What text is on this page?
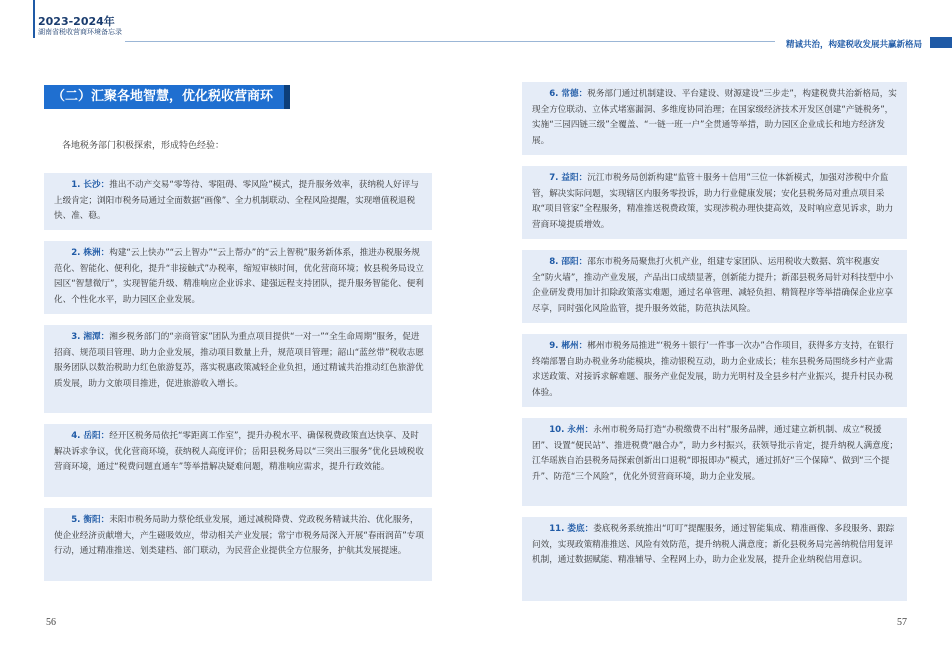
2023-2024年
湖南省税收营商环境备忘录
精诚共治，构建税收发展共赢新格局
（二）汇聚各地智慧，优化税收营商环境
各地税务部门积极探索，形成特色经验：
1. 长沙：推出不动产交易“零等待、零阻碍、零风险”模式，提升服务效率，获纳税人好评与上级肯定；浏阳市税务局通过全面数据“画像”、全力机制联动、全程风险提醒，实现增值税退税快、准、稳。
2. 株洲：构建“云上快办”“云上智办”“云上帮办”的“云上智税”服务新体系，推进办税服务规范化、智能化、便利化，提升“非接触式”办税率，缩短审核时间，优化营商环境；攸县税务局设立园区“智慧微厅”，实现智能升级、精准响应企业诉求、建强远程支持团队，提升服务智能化、便利化、个性化水平，助力园区企业发展。
3. 湘潭：湘乡税务部门的“亲商管家”团队为重点项目提供“一对一”“全生命周期”服务，促进招商、规范项目管理、助力企业发展，推动项目数量上升，规范项目管理；韶山“蓝丝带”税收志愿服务团队以数治税助力红色旅游复苏，落实税惠政策减轻企业负担，通过精诚共治推动红色旅游优质发展，助力文旅项目推进，促进旅游收入增长。
4. 岳阳：经开区税务局依托“零距离工作室”，提升办税水平、确保税费政策直达快享、及时解决诉求争议，优化营商环境，获纳税人高度评价；岳阳县税务局以“三突出三服务”优化县域税收营商环境，通过“税费问题直通车”等举措解决疑难问题，精准响应需求，提升行政效能。
5. 衡阳：耒阳市税务局助力蔡伦纸业发展，通过减税降费、党政税务精诚共治、优化服务，使企业经济贡献增大，产生磁吸效应，带动相关产业发展；常宁市税务局深入开展“春雨润苗”专项行动，通过精准推送、划类建档、部门联动，为民营企业提供全方位服务，护航其发展提速。
56
6. 常德：税务部门通过机制建设、平台建设、财源建设“三步走”，构建税费共治新格局，实现全方位联动、立体式堵塞漏洞、多维度协同治理；在国家级经济技术开发区创建“产链税务”，实施“三园四链三级”全覆盖、“一链一班一户”全贯通等举措，助力园区企业成长和地方经济发展。
7. 益阳：沅江市税务局创新构建“监管＋服务＋信用”三位一体新模式，加强对涉税中介监管，解决实际问题，实现辖区内服务零投诉，助力行业健康发展；安化县税务局对重点项目采取“项目管家”全程服务，精准推送税费政策，实现涉税办理快捷高效，及时响应意见诉求，助力营商环境提质增效。
8. 邵阳：邵东市税务局聚焦打火机产业，组建专家团队、运用税收大数据、筑牢税惠安全“防火墙”，推动产业发展，产品出口成绩显著，创新能力提升；新邵县税务局针对科技型中小企业研发费用加计扣除政策落实难题，通过名单管理、减轻负担、精简程序等举措确保企业应享尽享，同时强化风险监管，提升服务效能，防范执法风险。
9. 郴州：郴州市税务局推进“‘税务＋银行’一件事一次办”合作项目，获得多方支持，在银行终端部署自助办税业务功能模块，推动银税互动，助力企业成长；桂东县税务局围绕乡村产业需求送政策、对接诉求解难题、服务产业促发展，助力光明村及全县乡村产业振兴，提升村民办税体验。
10. 永州：永州市税务局打造“办税缴费不出村”服务品牌，通过建立新机制、成立“税援团”、设置“便民站”、推进税费“融合办”，助力乡村振兴，获领导批示肯定，提升纳税人满意度；江华瑶族自治县税务局探索创新出口退税“即报即办”模式，通过抓好“三个保障”、做到“三个提升”、防范“三个风险”，优化外贸营商环境，助力企业发展。
11. 娄底：娄底税务系统推出“叮叮”提醒服务，通过智能集成、精准画像、多段服务、跟踪问效，实现政策精准推送、风险有效防范，提升纳税人满意度；新化县税务局完善纳税信用复评机制，通过数据赋能、精准辅导、全程网上办，助力企业发展，提升企业纳税信用意识。
57
